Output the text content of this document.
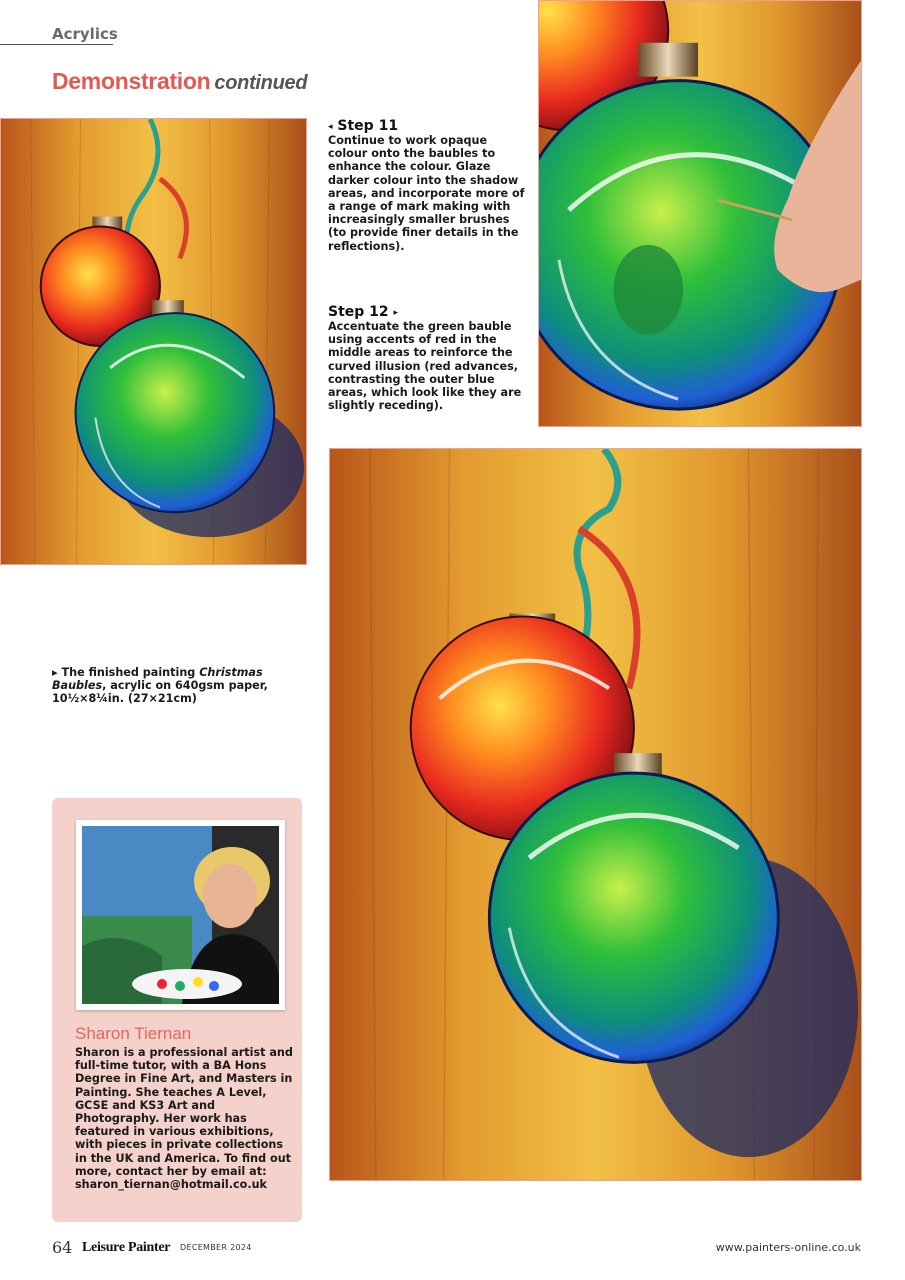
Acrylics
Demonstration continued
◂ Step 11
Continue to work opaque colour onto the baubles to enhance the colour. Glaze darker colour into the shadow areas, and incorporate more of a range of mark making with increasingly smaller brushes (to provide finer details in the reflections).
Step 12 ▸
Accentuate the green bauble using accents of red in the middle areas to reinforce the curved illusion (red advances, contrasting the outer blue areas, which look like they are slightly receding).
▸ The finished painting Christmas Baubles, acrylic on 640gsm paper, 10½×8¼in. (27×21cm)
Sharon Tiernan
Sharon is a professional artist and full-time tutor, with a BA Hons Degree in Fine Art, and Masters in Painting. She teaches A Level, GCSE and KS3 Art and Photography. Her work has featured in various exhibitions, with pieces in private collections in the UK and America. To find out more, contact her by email at: sharon_tiernan@hotmail.co.uk
64 Leisure Painter DECEMBER 2024	www.painters-online.co.uk
